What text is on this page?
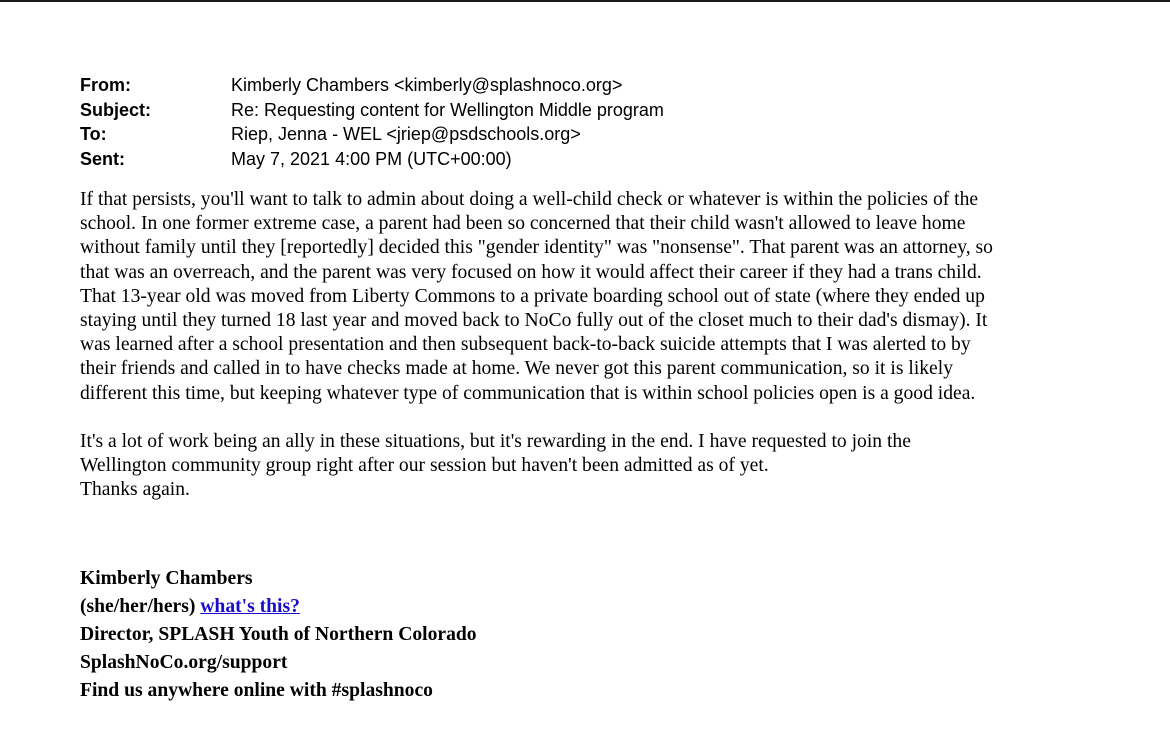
From:	Kimberly Chambers <kimberly@splashnoco.org>
Subject:	Re: Requesting content for Wellington Middle program
To:	Riep, Jenna - WEL <jriep@psdschools.org>
Sent:	May 7, 2021 4:00 PM (UTC+00:00)

If that persists, you'll want to talk to admin about doing a well-child check or whatever is within the policies of the
school. In one former extreme case, a parent had been so concerned that their child wasn't allowed to leave home
without family until they [reportedly] decided this "gender identity" was "nonsense". That parent was an attorney, so
that was an overreach, and the parent was very focused on how it would affect their career if they had a trans child.
That 13-year old was moved from Liberty Commons to a private boarding school out of state (where they ended up
staying until they turned 18 last year and moved back to NoCo fully out of the closet much to their dad's dismay). It
was learned after a school presentation and then subsequent back-to-back suicide attempts that I was alerted to by
their friends and called in to have checks made at home. We never got this parent communication, so it is likely
different this time, but keeping whatever type of communication that is within school policies open is a good idea.

It's a lot of work being an ally in these situations, but it's rewarding in the end. I have requested to join the
Wellington community group right after our session but haven't been admitted as of yet.
Thanks again.

Kimberly Chambers
(she/her/hers) what's this?
Director, SPLASH Youth of Northern Colorado
SplashNoCo.org/support
Find us anywhere online with #splashnoco
